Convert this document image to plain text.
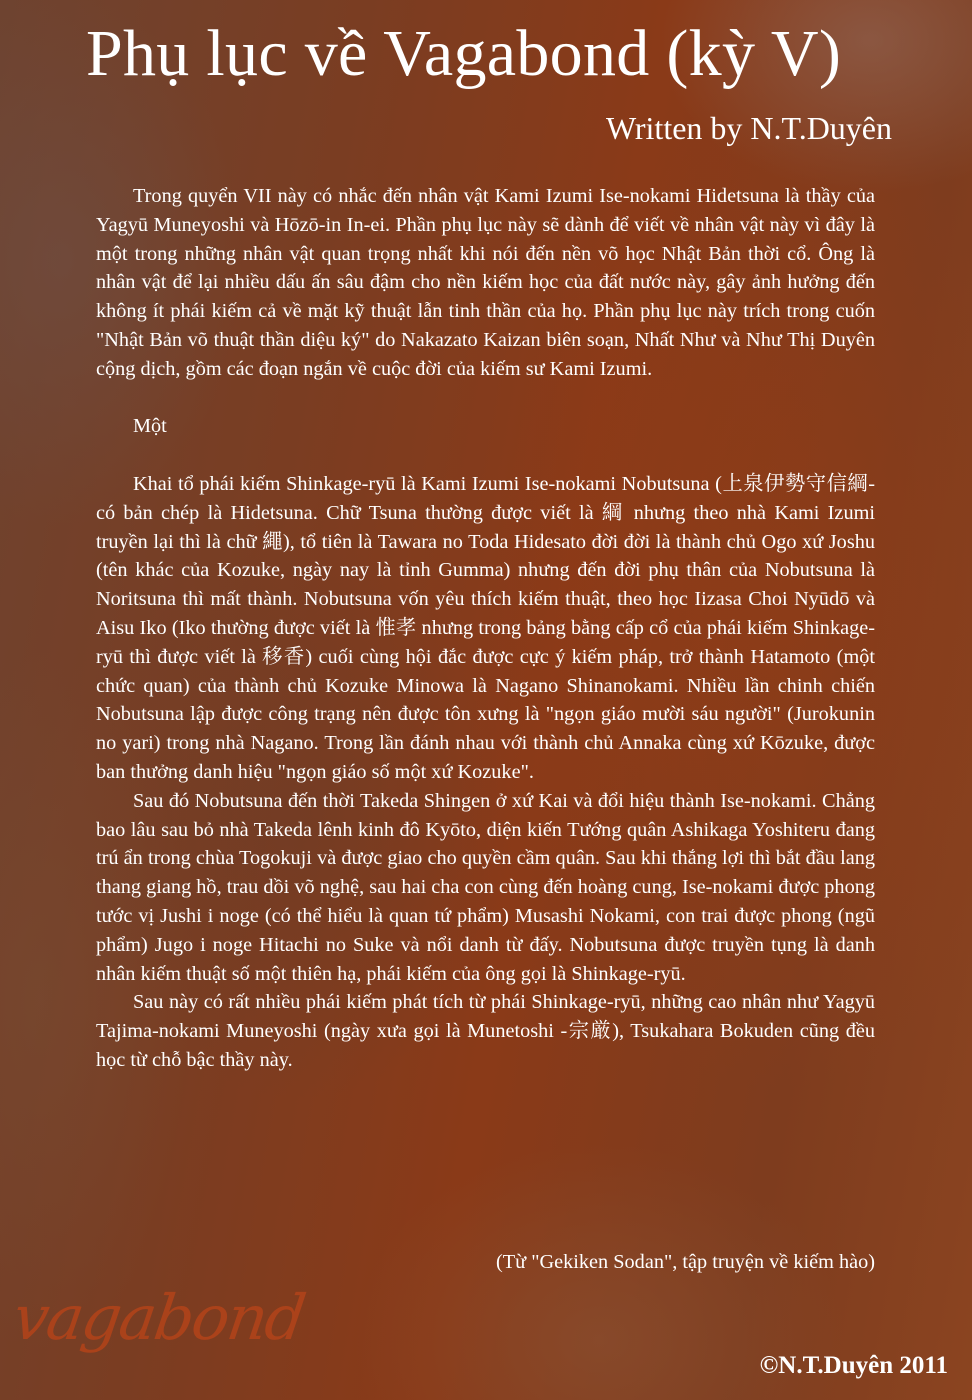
Phụ lục về Vagabond (kỳ V)
Written by N.T.Duyên

Trong quyển VII này có nhắc đến nhân vật Kami Izumi Ise-nokami Hidetsuna là thầy của Yagyū Muneyoshi và Hōzō-in In-ei. Phần phụ lục này sẽ dành để viết về nhân vật này vì đây là một trong những nhân vật quan trọng nhất khi nói đến nền võ học Nhật Bản thời cổ. Ông là nhân vật để lại nhiều dấu ấn sâu đậm cho nền kiếm học của đất nước này, gây ảnh hưởng đến không ít phái kiếm cả về mặt kỹ thuật lẫn tinh thần của họ. Phần phụ lục này trích trong cuốn "Nhật Bản võ thuật thần diệu ký" do Nakazato Kaizan biên soạn, Nhất Như và Như Thị Duyên cộng dịch, gồm các đoạn ngắn về cuộc đời của kiếm sư Kami Izumi.

Một

Khai tổ phái kiếm Shinkage-ryū là Kami Izumi Ise-nokami Nobutsuna (上泉伊勢守信綱-có bản chép là Hidetsuna. Chữ Tsuna thường được viết là 綱 nhưng theo nhà Kami Izumi truyền lại thì là chữ 繩), tổ tiên là Tawara no Toda Hidesato đời đời là thành chủ Ogo xứ Joshu (tên khác của Kozuke, ngày nay là tỉnh Gumma) nhưng đến đời phụ thân của Nobutsuna là Noritsuna thì mất thành. Nobutsuna vốn yêu thích kiếm thuật, theo học Iizasa Choi Nyūdō và Aisu Iko (Iko thường được viết là 惟孝 nhưng trong bảng bằng cấp cổ của phái kiếm Shinkage-ryū thì được viết là 移香) cuối cùng hội đắc được cực ý kiếm pháp, trở thành Hatamoto (một chức quan) của thành chủ Kozuke Minowa là Nagano Shinanokami. Nhiều lần chinh chiến Nobutsuna lập được công trạng nên được tôn xưng là "ngọn giáo mười sáu người" (Jurokunin no yari) trong nhà Nagano. Trong lần đánh nhau với thành chủ Annaka cùng xứ Kōzuke, được ban thưởng danh hiệu "ngọn giáo số một xứ Kozuke".

Sau đó Nobutsuna đến thời Takeda Shingen ở xứ Kai và đổi hiệu thành Ise-nokami. Chẳng bao lâu sau bỏ nhà Takeda lênh kinh đô Kyōto, diện kiến Tướng quân Ashikaga Yoshiteru đang trú ẩn trong chùa Togokuji và được giao cho quyền cầm quân. Sau khi thắng lợi thì bắt đầu lang thang giang hồ, trau dồi võ nghệ, sau hai cha con cùng đến hoàng cung, Ise-nokami được phong tước vị Jushi i noge (có thể hiểu là quan tứ phẩm) Musashi Nokami, con trai được phong (ngũ phẩm) Jugo i noge Hitachi no Suke và nổi danh từ đấy. Nobutsuna được truyền tụng là danh nhân kiếm thuật số một thiên hạ, phái kiếm của ông gọi là Shinkage-ryū.

Sau này có rất nhiều phái kiếm phát tích từ phái Shinkage-ryū, những cao nhân như Yagyū Tajima-nokami Muneyoshi (ngày xưa gọi là Munetoshi -宗厳), Tsukahara Bokuden cũng đều học từ chỗ bậc thầy này.

(Từ "Gekiken Sodan", tập truyện về kiếm hào)
vagabond
©N.T.Duyên 2011
